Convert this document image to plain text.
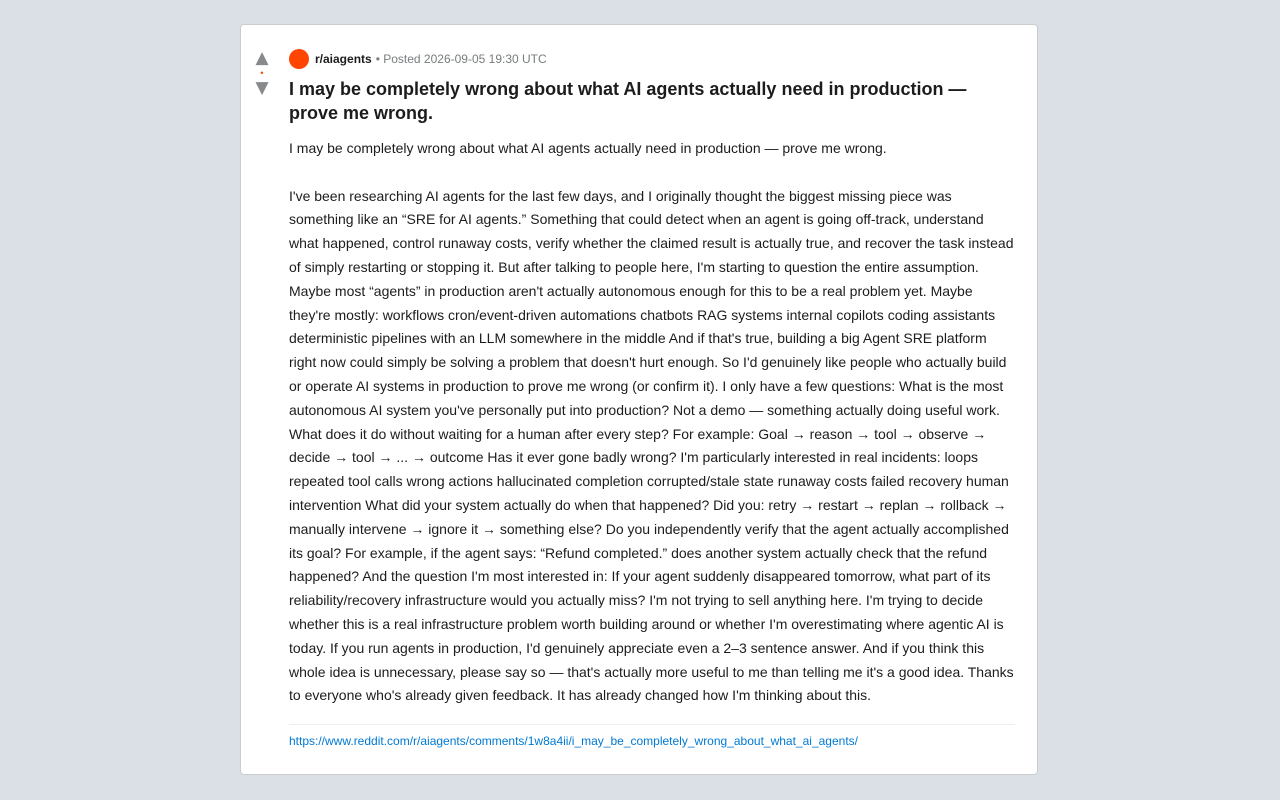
▲
•
▼
r/aiagents • Posted 2026-09-05 19:30 UTC
I may be completely wrong about what AI agents actually need in production — prove me wrong.
I may be completely wrong about what AI agents actually need in production — prove me wrong.

I've been researching AI agents for the last few days, and I originally thought the biggest missing piece was something like an “SRE for AI agents.” Something that could detect when an agent is going off-track, understand what happened, control runaway costs, verify whether the claimed result is actually true, and recover the task instead of simply restarting or stopping it. But after talking to people here, I'm starting to question the entire assumption. Maybe most “agents” in production aren't actually autonomous enough for this to be a real problem yet. Maybe they're mostly: workflows cron/event-driven automations chatbots RAG systems internal copilots coding assistants deterministic pipelines with an LLM somewhere in the middle And if that's true, building a big Agent SRE platform right now could simply be solving a problem that doesn't hurt enough. So I'd genuinely like people who actually build or operate AI systems in production to prove me wrong (or confirm it). I only have a few questions: What is the most autonomous AI system you've personally put into production? Not a demo — something actually doing useful work. What does it do without waiting for a human after every step? For example: Goal → reason → tool → observe → decide → tool → ... → outcome Has it ever gone badly wrong? I'm particularly interested in real incidents: loops repeated tool calls wrong actions hallucinated completion corrupted/stale state runaway costs failed recovery human intervention What did your system actually do when that happened? Did you: retry → restart → replan → rollback → manually intervene → ignore it → something else? Do you independently verify that the agent actually accomplished its goal? For example, if the agent says: “Refund completed.” does another system actually check that the refund happened? And the question I'm most interested in: If your agent suddenly disappeared tomorrow, what part of its reliability/recovery infrastructure would you actually miss? I'm not trying to sell anything here. I'm trying to decide whether this is a real infrastructure problem worth building around or whether I'm overestimating where agentic AI is today. If you run agents in production, I'd genuinely appreciate even a 2–3 sentence answer. And if you think this whole idea is unnecessary, please say so — that's actually more useful to me than telling me it's a good idea. Thanks to everyone who's already given feedback. It has already changed how I'm thinking about this.
https://www.reddit.com/r/aiagents/comments/1w8a4ii/i_may_be_completely_wrong_about_what_ai_agents/
